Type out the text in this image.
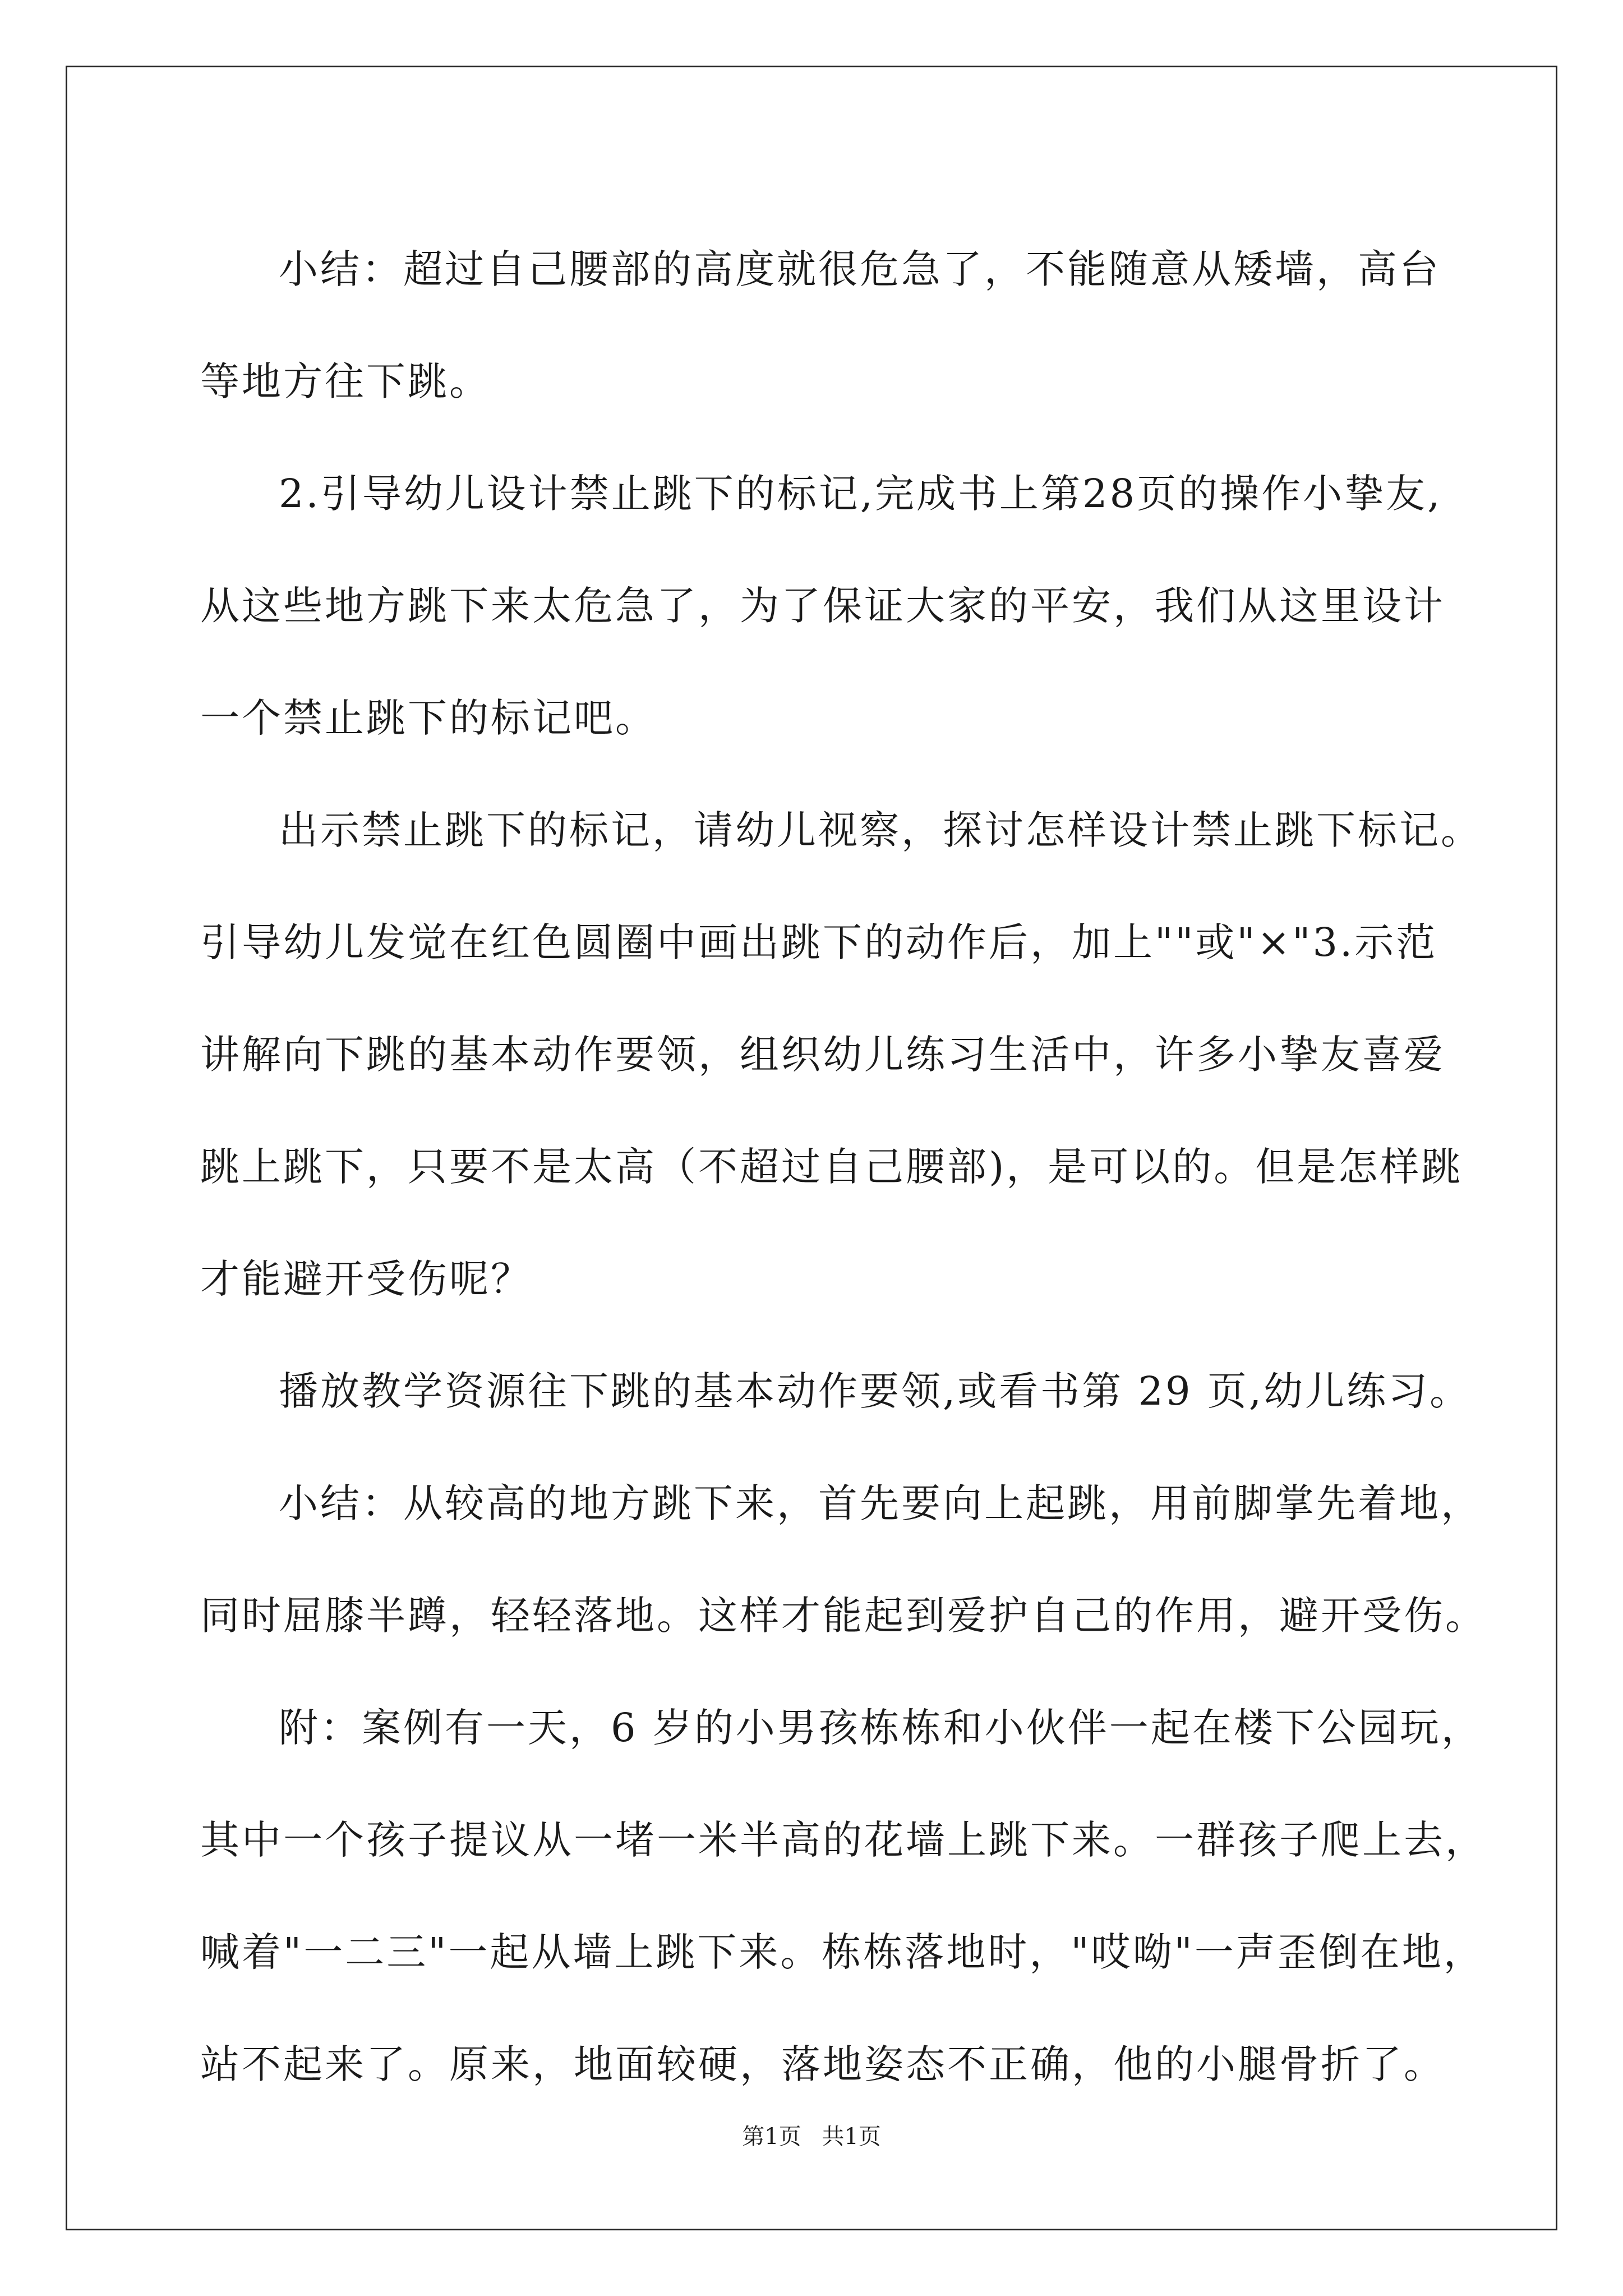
小结：超过自己腰部的高度就很危急了，不能随意从矮墙，高台

等地方往下跳。

2.引导幼儿设计禁止跳下的标记,完成书上第28页的操作小挚友,

从这些地方跳下来太危急了，为了保证大家的平安，我们从这里设计

一个禁止跳下的标记吧。

出示禁止跳下的标记，请幼儿视察，探讨怎样设计禁止跳下标记。

引导幼儿发觉在红色圆圈中画出跳下的动作后，加上""或"×"3.示范

讲解向下跳的基本动作要领，组织幼儿练习生活中，许多小挚友喜爱

跳上跳下，只要不是太高（不超过自己腰部)，是可以的。但是怎样跳

才能避开受伤呢？

播放教学资源往下跳的基本动作要领,或看书第 29 页,幼儿练习。

小结：从较高的地方跳下来，首先要向上起跳，用前脚掌先着地，

同时屈膝半蹲，轻轻落地。这样才能起到爱护自己的作用，避开受伤。

附：案例有一天，6 岁的小男孩栋栋和小伙伴一起在楼下公园玩，

其中一个孩子提议从一堵一米半高的花墙上跳下来。一群孩子爬上去，

喊着"一二三"一起从墙上跳下来。栋栋落地时，"哎呦"一声歪倒在地，

站不起来了。原来，地面较硬，落地姿态不正确，他的小腿骨折了。

第1页 共1页
